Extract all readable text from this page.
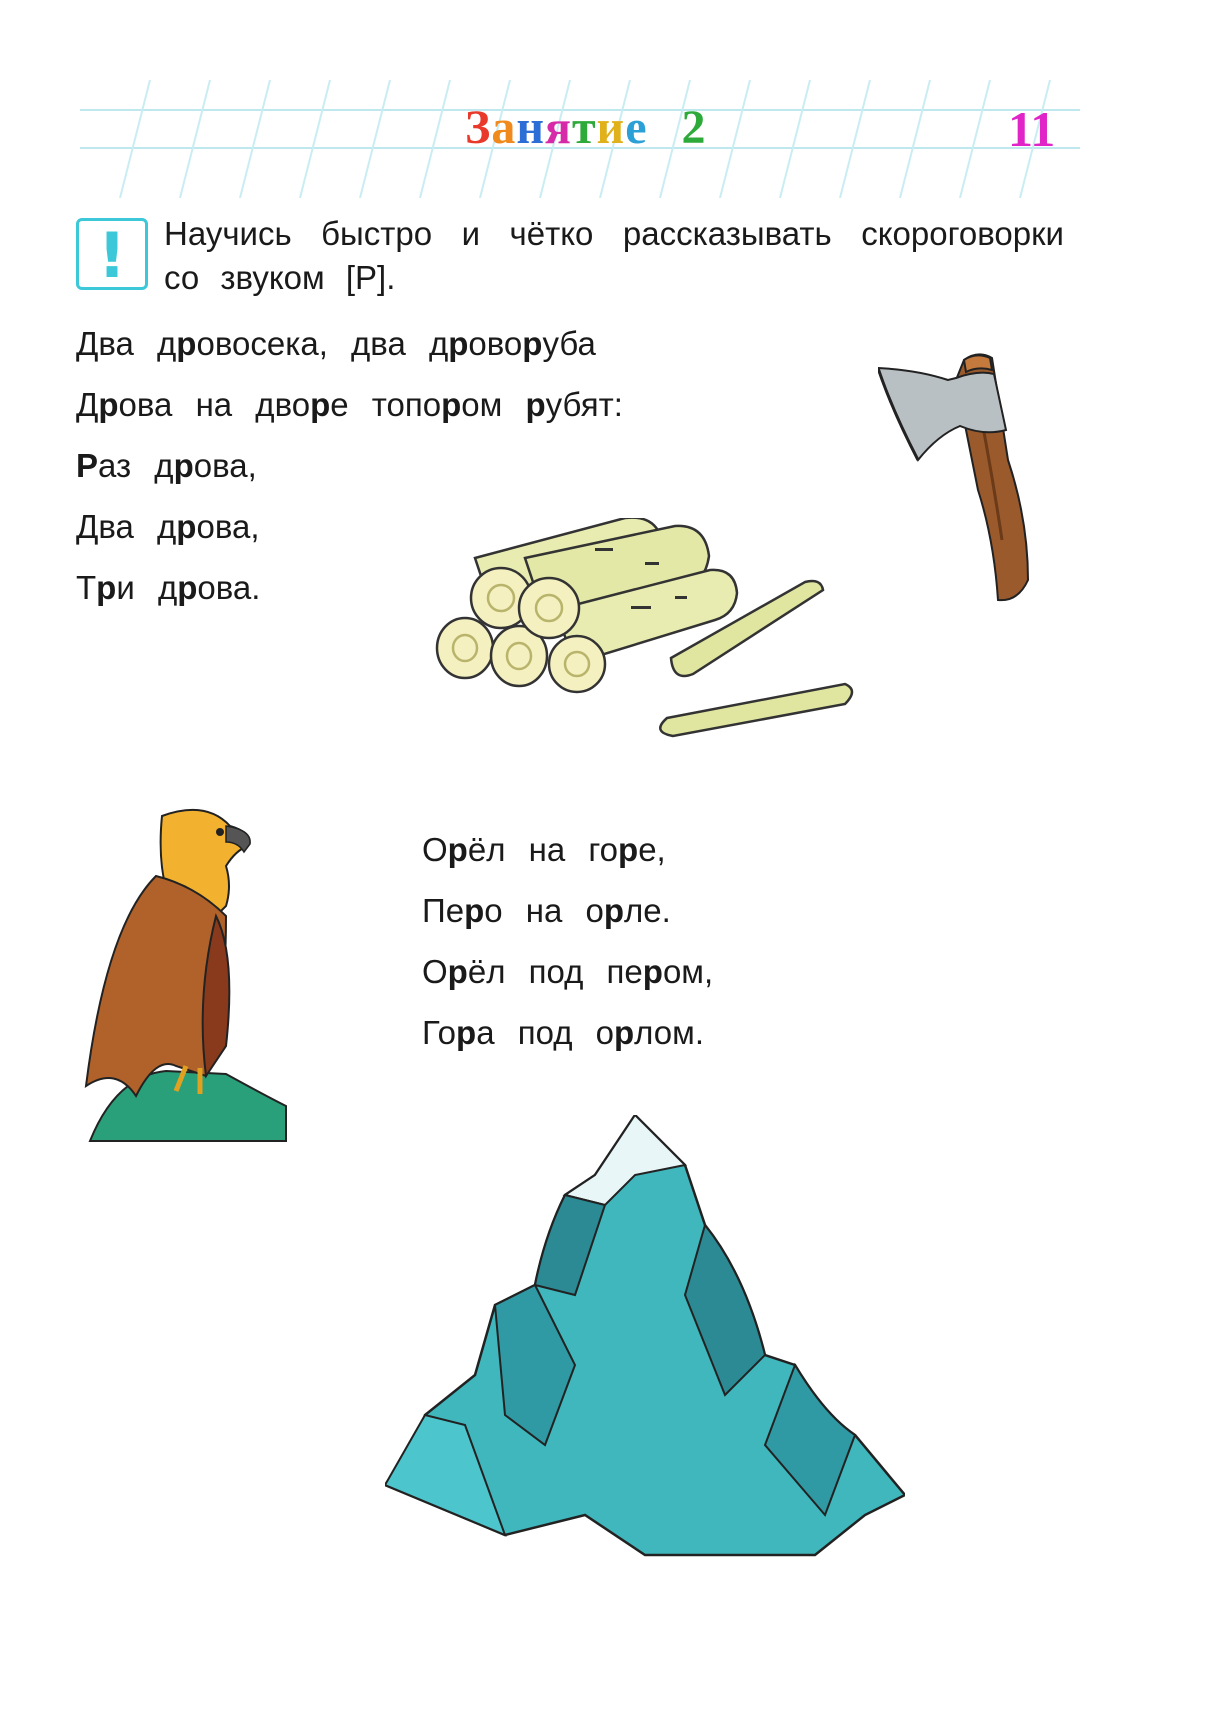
Занятие 2	11
!	Научись быстро и чётко рассказывать скороговорки со звуком [Р].
Два дровосека, два дроворуба
Дрова на дворе топором рубят:
Раз дрова,
Два дрова,
Три дрова.
Орёл на горе,
Перо на орле.
Орёл под пером,
Гора под орлом.
